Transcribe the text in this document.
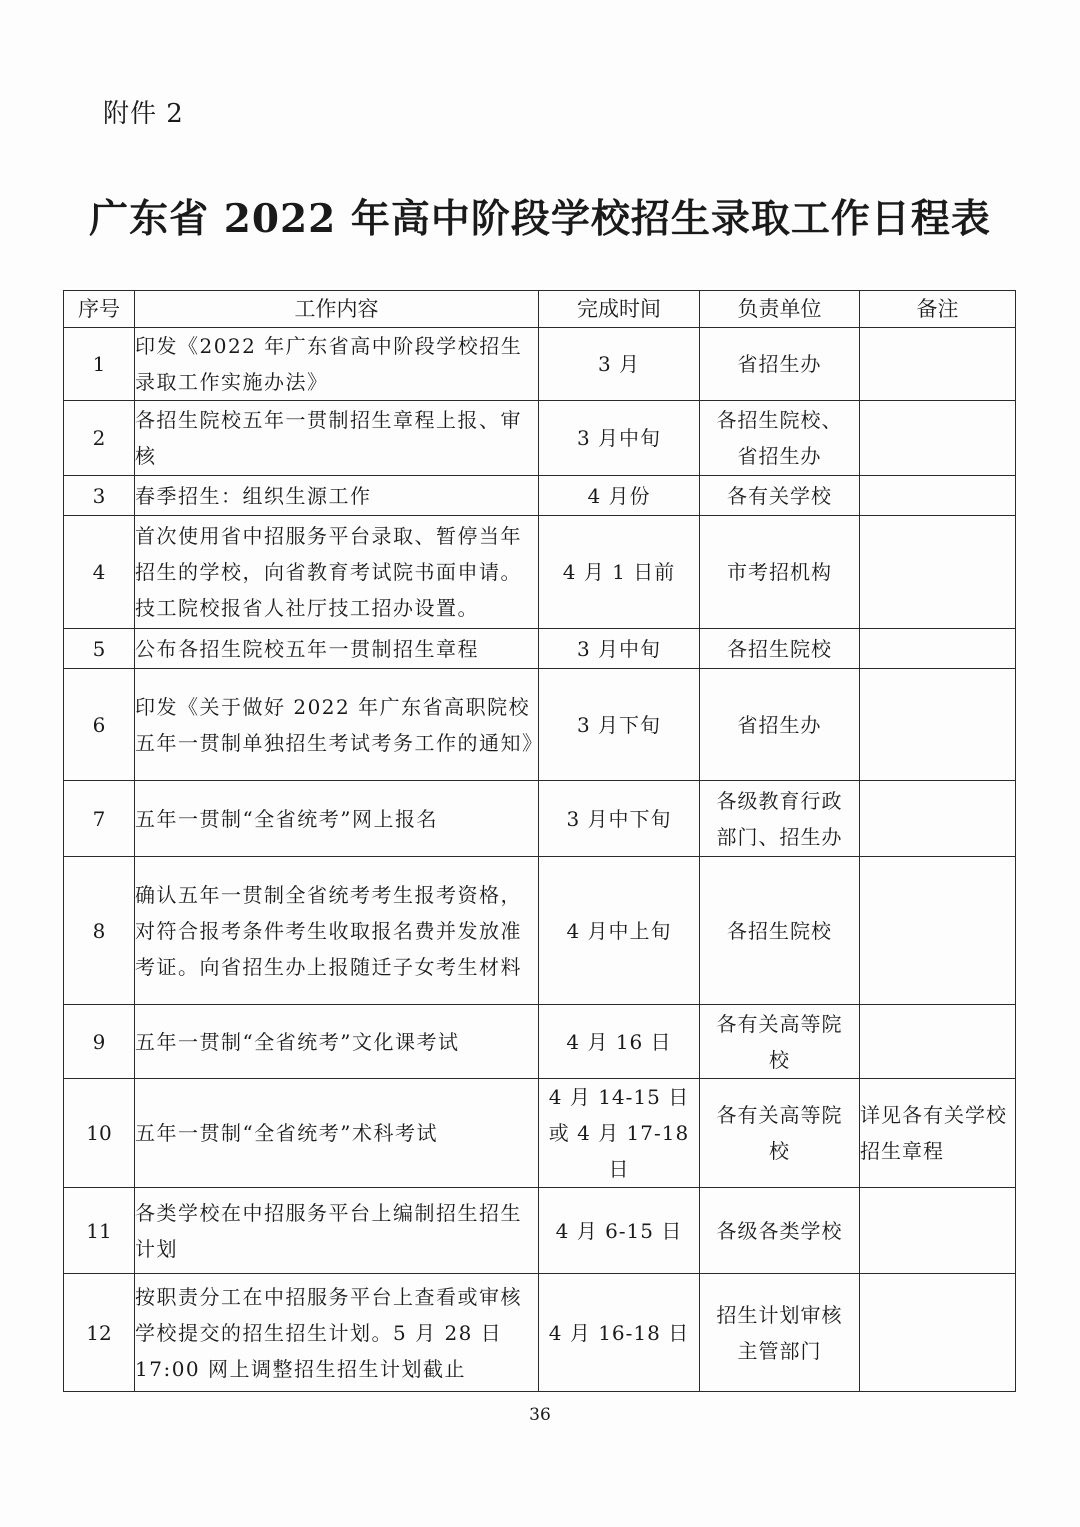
附件 2
广东省 2022 年高中阶段学校招生录取工作日程表
序号	工作内容	完成时间	负责单位	备注
1	印发《2022 年广东省高中阶段学校招生录取工作实施办法》	3 月	省招生办	
2	各招生院校五年一贯制招生章程上报、审核	3 月中旬	各招生院校、省招生办	
3	春季招生：组织生源工作	4 月份	各有关学校	
4	首次使用省中招服务平台录取、暂停当年招生的学校，向省教育考试院书面申请。技工院校报省人社厅技工招办设置。	4 月 1 日前	市考招机构	
5	公布各招生院校五年一贯制招生章程	3 月中旬	各招生院校	
6	印发《关于做好 2022 年广东省高职院校五年一贯制单独招生考试考务工作的通知》	3 月下旬	省招生办	
7	五年一贯制“全省统考”网上报名	3 月中下旬	各级教育行政部门、招生办	
8	确认五年一贯制全省统考考生报考资格，对符合报考条件考生收取报名费并发放准考证。向省招生办上报随迁子女考生材料	4 月中上旬	各招生院校	
9	五年一贯制“全省统考”文化课考试	4 月 16 日	各有关高等院校	
10	五年一贯制“全省统考”术科考试	4 月 14-15 日或 4 月 17-18 日	各有关高等院校	详见各有关学校招生章程
11	各类学校在中招服务平台上编制招生招生计划	4 月 6-15 日	各级各类学校	
12	按职责分工在中招服务平台上查看或审核学校提交的招生招生计划。5 月 28 日 17:00 网上调整招生招生计划截止	4 月 16-18 日	招生计划审核主管部门	
36
